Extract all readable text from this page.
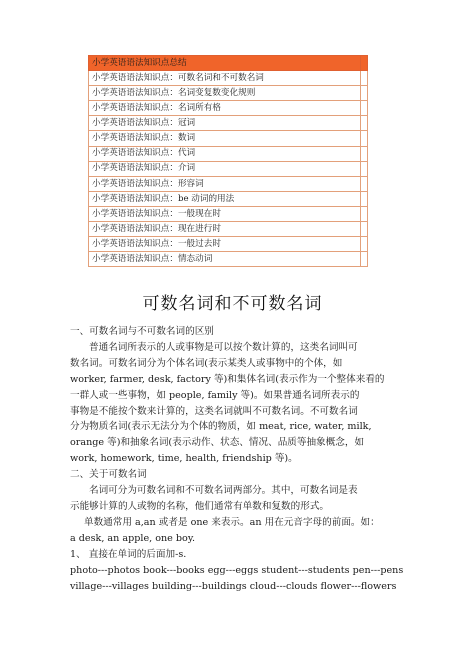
小学英语语法知识点总结	
小学英语语法知识点：可数名词和不可数名词	
小学英语语法知识点：名词变复数变化规则	
小学英语语法知识点：名词所有格	
小学英语语法知识点：冠词	
小学英语语法知识点：数词	
小学英语语法知识点：代词	
小学英语语法知识点：介词	
小学英语语法知识点：形容词	
小学英语语法知识点：be 动词的用法	
小学英语语法知识点：一般现在时	
小学英语语法知识点：现在进行时	
小学英语语法知识点：一般过去时	
小学英语语法知识点：情态动词	
可数名词和不可数名词

一、可数名词与不可数名词的区别

普通名词所表示的人或事物是可以按个数计算的，这类名词叫可

数名词。可数名词分为个体名词(表示某类人或事物中的个体，如

worker, farmer, desk, factory 等)和集体名词(表示作为一个整体来看的

一群人或一些事物，如 people, family 等)。如果普通名词所表示的

事物是不能按个数来计算的，这类名词就叫不可数名词。不可数名词

分为物质名词(表示无法分为个体的物质，如 meat, rice, water, milk,

orange 等)和抽象名词(表示动作、状态、情况、品质等抽象概念，如

work, homework, time, health, friendship 等)。

二、关于可数名词

名词可分为可数名词和不可数名词两部分。其中，可数名词是表

示能够计算的人或物的名称，他们通常有单数和复数的形式。

单数通常用 a,an 或者是 one 来表示。an 用在元音字母的前面。如：

a desk, an apple, one boy.

1、 直接在单词的后面加-s.

photo---photos book---books egg---eggs student---students pen---pens

village---villages building---buildings cloud---clouds flower---flowers
